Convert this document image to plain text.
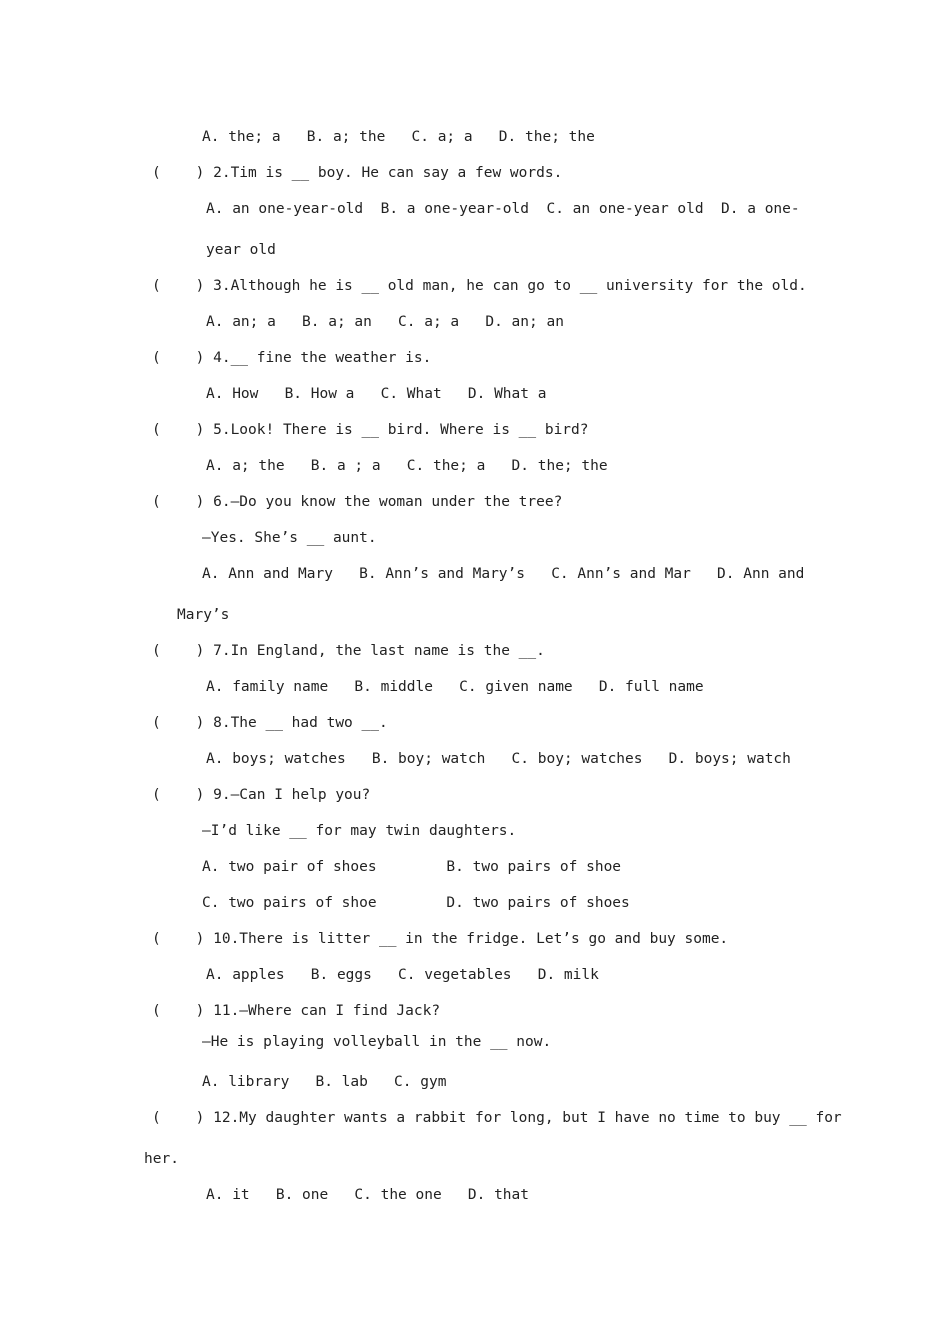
A. the; a   B. a; the   C. a; a   D. the; the
(    ) 2.Tim is __ boy. He can say a few words.
A. an one-year-old  B. a one-year-old  C. an one-year old  D. a one-
year old
(    ) 3.Although he is __ old man, he can go to __ university for the old.
A. an; a   B. a; an   C. a; a   D. an; an
(    ) 4.__ fine the weather is.
A. How   B. How a   C. What   D. What a
(    ) 5.Look! There is __ bird. Where is __ bird?
A. a; the   B. a ; a   C. the; a   D. the; the
(    ) 6.—Do you know the woman under the tree?
—Yes. She’s __ aunt.
A. Ann and Mary   B. Ann’s and Mary’s   C. Ann’s and Mar   D. Ann and
Mary’s
(    ) 7.In England, the last name is the __.
A. family name   B. middle   C. given name   D. full name
(    ) 8.The __ had two __.
A. boys; watches   B. boy; watch   C. boy; watches   D. boys; watch
(    ) 9.—Can I help you?
—I’d like __ for may twin daughters.
A. two pair of shoes        B. two pairs of shoe
C. two pairs of shoe        D. two pairs of shoes
(    ) 10.There is litter __ in the fridge. Let’s go and buy some.
A. apples   B. eggs   C. vegetables   D. milk
(    ) 11.—Where can I find Jack?
—He is playing volleyball in the __ now.
A. library   B. lab   C. gym
(    ) 12.My daughter wants a rabbit for long, but I have no time to buy __ for
her.
A. it   B. one   C. the one   D. that
